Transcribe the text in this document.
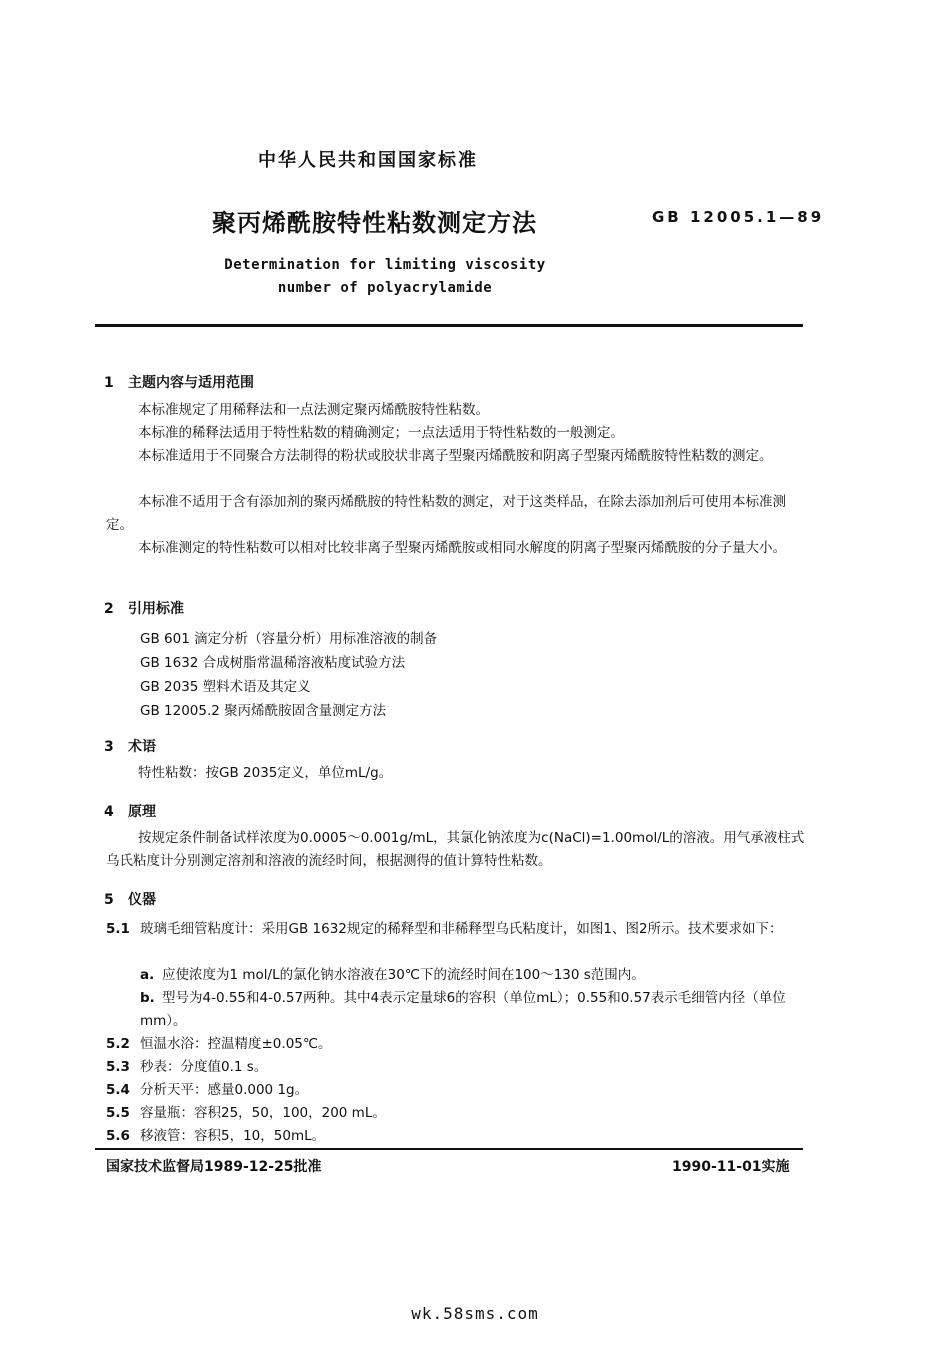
中华人民共和国国家标准
聚丙烯酰胺特性粘数测定方法	GB 12005.1—89
Determination for limiting viscosity
number of polyacrylamide
1 主题内容与适用范围
本标准规定了用稀释法和一点法测定聚丙烯酰胺特性粘数。
本标准的稀释法适用于特性粘数的精确测定；一点法适用于特性粘数的一般测定。
本标准适用于不同聚合方法制得的粉状或胶状非离子型聚丙烯酰胺和阴离子型聚丙烯酰胺特性粘数的测定。
本标准不适用于含有添加剂的聚丙烯酰胺的特性粘数的测定，对于这类样品，在除去添加剂后可使用本标准测定。
本标准测定的特性粘数可以相对比较非离子型聚丙烯酰胺或相同水解度的阴离子型聚丙烯酰胺的分子量大小。
2 引用标准
GB 601 滴定分析（容量分析）用标准溶液的制备
GB 1632 合成树脂常温稀溶液粘度试验方法
GB 2035 塑料术语及其定义
GB 12005.2 聚丙烯酰胺固含量测定方法
3 术语
特性粘数：按GB 2035定义，单位mL/g。
4 原理
按规定条件制备试样浓度为0.0005～0.001g/mL，其氯化钠浓度为c(NaCl)=1.00mol/L的溶液。用气承液柱式乌氏粘度计分别测定溶剂和溶液的流经时间，根据测得的值计算特性粘数。
5 仪器
5.1 玻璃毛细管粘度计：采用GB 1632规定的稀释型和非稀释型乌氏粘度计，如图1、图2所示。技术要求如下：
a. 应使浓度为1 mol/L的氯化钠水溶液在30℃下的流经时间在100～130 s范围内。
b. 型号为4-0.55和4-0.57两种。其中4表示定量球6的容积（单位mL）；0.55和0.57表示毛细管内径（单位mm）。
5.2 恒温水浴：控温精度±0.05℃。
5.3 秒表：分度值0.1 s。
5.4 分析天平：感量0.000 1g。
5.5 容量瓶：容积25，50，100，200 mL。
5.6 移液管：容积5，10，50mL。
国家技术监督局1989-12-25批准	1990-11-01实施
wk.58sms.com
